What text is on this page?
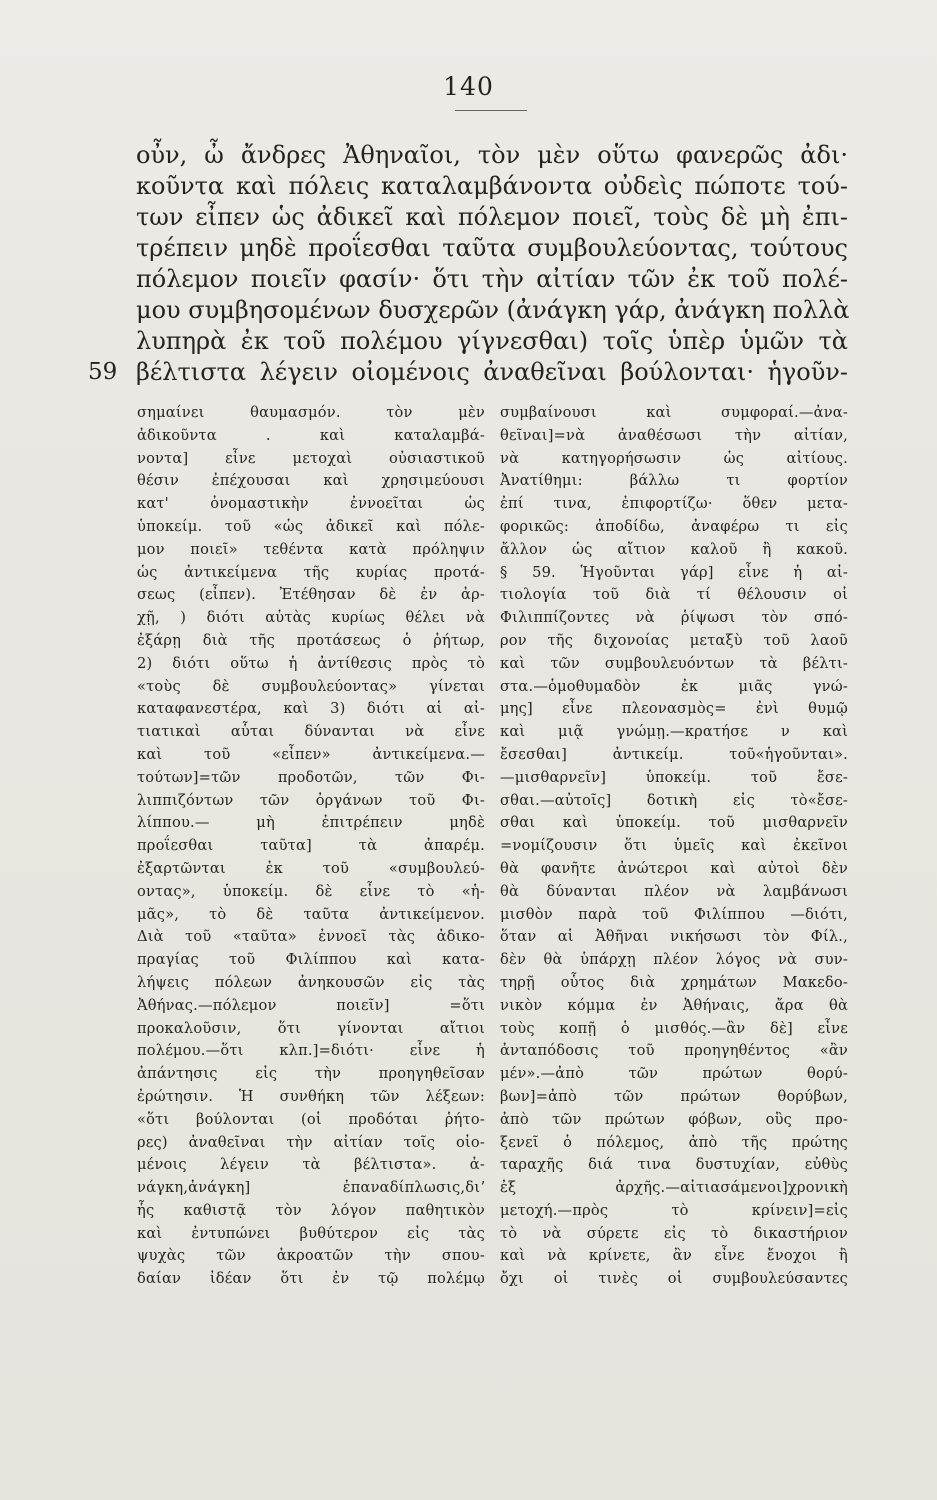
140
59
οὖν, ὦ ἄνδρες Ἀθηναῖοι, τὸν μὲν οὕτω φανερῶς ἀδι·
κοῦντα καὶ πόλεις καταλαμβάνοντα οὐδεὶς πώποτε τού-
των εἶπεν ὡς ἀδικεῖ καὶ πόλεμον ποιεῖ, τοὺς δὲ μὴ ἐπι-
τρέπειν μηδὲ προΐεσθαι ταῦτα συμβουλεύοντας, τούτους
πόλεμον ποιεῖν φασίν· ὅτι τὴν αἰτίαν τῶν ἐκ τοῦ πολέ-
μου συμβησομένων δυσχερῶν (ἀνάγκη γάρ, ἀνάγκη πολλὰ
λυπηρὰ ἐκ τοῦ πολέμου γίγνεσθαι) τοῖς ὑπὲρ ὑμῶν τὰ
βέλτιστα λέγειν οἰομένοις ἀναθεῖναι βούλονται· ἡγοῦν-
σημαίνει θαυμασμόν. τὸν μὲν
ἀδικοῦντα . καὶ καταλαμβά-
νοντα] εἶνε μετοχαὶ οὐσιαστικοῦ
θέσιν ἐπέχουσαι καὶ χρησιμεύουσι
κατ' ὀνομαστικὴν ἐννοεῖται ὡς
ὑποκείμ. τοῦ «ὡς ἀδικεῖ καὶ πόλε-
μον ποιεῖ» τεθέντα κατὰ πρόληψιν
ὡς ἀντικείμενα τῆς κυρίας προτά-
σεως (εἶπεν). Ἐτέθησαν δὲ ἐν ἀρ-
χῇ, ) διότι αὐτὰς κυρίως θέλει νὰ
ἐξάρῃ διὰ τῆς προτάσεως ὁ ῥήτωρ,
2) διότι οὕτω ἡ ἀντίθεσις πρὸς τὸ
«τοὺς δὲ συμβουλεύοντας» γίνεται
καταφανεστέρα, καὶ 3) διότι αἱ αἰ-
τιατικαὶ αὗται δύνανται νὰ εἶνε
καὶ τοῦ «εἶπεν» ἀντικείμενα.—
τούτων]=τῶν προδοτῶν, τῶν Φι-
λιππιζόντων τῶν ὀργάνων τοῦ Φι-
λίππου.— μὴ ἐπιτρέπειν μηδὲ
προΐεσθαι ταῦτα] τὰ ἀπαρέμ.
ἐξαρτῶνται ἐκ τοῦ «συμβουλεύ-
οντας», ὑποκείμ. δὲ εἶνε τὸ «ἡ-
μᾶς», τὸ δὲ ταῦτα ἀντικείμενον.
Διὰ τοῦ «ταῦτα» ἐννοεῖ τὰς ἀδικο-
πραγίας τοῦ Φιλίππου καὶ κατα-
λήψεις πόλεων ἀνηκουσῶν εἰς τὰς
Ἀθήνας.—πόλεμον ποιεῖν] =ὅτι
προκαλοῦσιν, ὅτι γίνονται αἴτιοι
πολέμου.—ὅτι κλπ.]=διότι· εἶνε ἡ
ἀπάντησις εἰς τὴν προηγηθεῖσαν
ἐρώτησιν. Ἡ συνθήκη τῶν λέξεων:
«ὅτι βούλονται (οἱ προδόται ῥήτο-
ρες) ἀναθεῖναι τὴν αἰτίαν τοῖς οἰο-
μένοις λέγειν τὰ βέλτιστα». ἀ-
νάγκη,ἀνάγκη] ἐπαναδίπλωσις,διʼ
ἧς καθιστᾷ τὸν λόγον παθητικὸν
καὶ ἐντυπώνει βυθύτερον εἰς τὰς
ψυχὰς τῶν ἀκροατῶν τὴν σπου-
δαίαν ἰδέαν ὅτι ἐν τῷ πολέμῳ
συμβαίνουσι καὶ συμφοραί.—ἀνα-
θεῖναι]=νὰ ἀναθέσωσι τὴν αἰτίαν,
νὰ κατηγορήσωσιν ὡς αἰτίους.
Ἀνατίθημι: βάλλω τι φορτίον
ἐπί τινα, ἐπιφορτίζω· ὅθεν μετα-
φορικῶς: ἀποδίδω, ἀναφέρω τι εἰς
ἄλλον ὡς αἴτιον καλοῦ ἢ κακοῦ.
§ 59. Ἡγοῦνται γάρ] εἶνε ἡ αἰ-
τιολογία τοῦ διὰ τί θέλουσιν οἱ
Φιλιππίζοντες νὰ ῥίψωσι τὸν σπό-
ρον τῆς διχονοίας μεταξὺ τοῦ λαοῦ
καὶ τῶν συμβουλευόντων τὰ βέλτι-
στα.—ὁμοθυμαδὸν ἐκ μιᾶς γνώ-
μης] εἶνε πλεονασμὸς= ἐνὶ θυμῷ
καὶ μιᾷ γνώμῃ.—κρατήσε ν καὶ
ἔσεσθαι] ἀντικείμ. τοῦ«ἡγοῦνται».
—μισθαρνεῖν] ὑποκείμ. τοῦ ἔσε-
σθαι.—αὐτοῖς] δοτικὴ εἰς τὸ«ἔσε-
σθαι καὶ ὑποκείμ. τοῦ μισθαρνεῖν
=νομίζουσιν ὅτι ὑμεῖς καὶ ἐκεῖνοι
θὰ φανῆτε ἀνώτεροι καὶ αὐτοὶ δὲν
θὰ δύνανται πλέον νὰ λαμβάνωσι
μισθὸν παρὰ τοῦ Φιλίππου —διότι,
ὅταν αἱ Ἀθῆναι νικήσωσι τὸν Φίλ.,
δὲν θὰ ὑπάρχῃ πλέον λόγος νὰ συν-
τηρῇ οὗτος διὰ χρημάτων Μακεδο-
νικὸν κόμμα ἐν Ἀθήναις, ἄρα θὰ
τοὺς κοπῇ ὁ μισθός.—ἂν δὲ] εἶνε
ἀνταπόδοσις τοῦ προηγηθέντος «ἂν
μέν».—ἀπὸ τῶν πρώτων θορύ-
βων]=ἀπὸ τῶν πρώτων θορύβων,
ἀπὸ τῶν πρώτων φόβων, οὓς προ-
ξενεῖ ὁ πόλεμος, ἀπὸ τῆς πρώτης
ταραχῆς διά τινα δυστυχίαν, εὐθὺς
ἐξ ἀρχῆς.—αἰτιασάμενοι]χρονικὴ
μετοχή.—πρὸς τὸ κρίνειν]=εἰς
τὸ νὰ σύρετε εἰς τὸ δικαστήριον
καὶ νὰ κρίνετε, ἂν εἶνε ἔνοχοι ἢ
ὄχι οἱ τινὲς οἱ συμβουλεύσαντες
